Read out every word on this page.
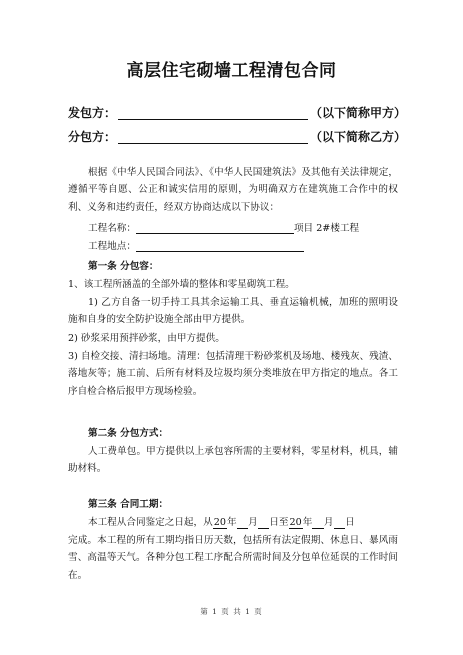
高层住宅砌墙工程清包合同
发包方：	（以下简称甲方）
分包方：	（以下简称乙方）
根据《中华人民国合同法》、《中华人民国建筑法》及其他有关法律规定，遵循平等自愿、公正和诚实信用的原则，为明确双方在建筑施工合作中的权利、义务和违约责任，经双方协商达成以下协议：
工程名称：	项目 2#楼工程
工程地点：
第一条 分包容：
1、该工程所涵盖的全部外墙的整体和零星砌筑工程。
1) 乙方自备一切手持工具其余运输工具、垂直运输机械，加班的照明设施和自身的安全防护设施全部由甲方提供。
2) 砂浆采用预拌砂浆，由甲方提供。
3) 自检交接、清扫场地。清理：包括清理干粉砂浆机及场地、楼残灰、残渣、落地灰等；施工前、后所有材料及垃圾均须分类堆放在甲方指定的地点。各工序自检合格后报甲方现场检验。
第二条 分包方式：
人工费单包。甲方提供以上承包容所需的主要材料，零星材料，机具，辅助材料。
第三条 合同工期：
本工程从合同鉴定之日起，从20年　 月　 日至20年　 月　 日
完成。本工程的所有工期均指日历天数，包括所有法定假期、休息日、暴风雨雪、高温等天气。各种分包工程工序配合所需时间及分包单位延误的工作时间在。
第 1 页 共 1 页
